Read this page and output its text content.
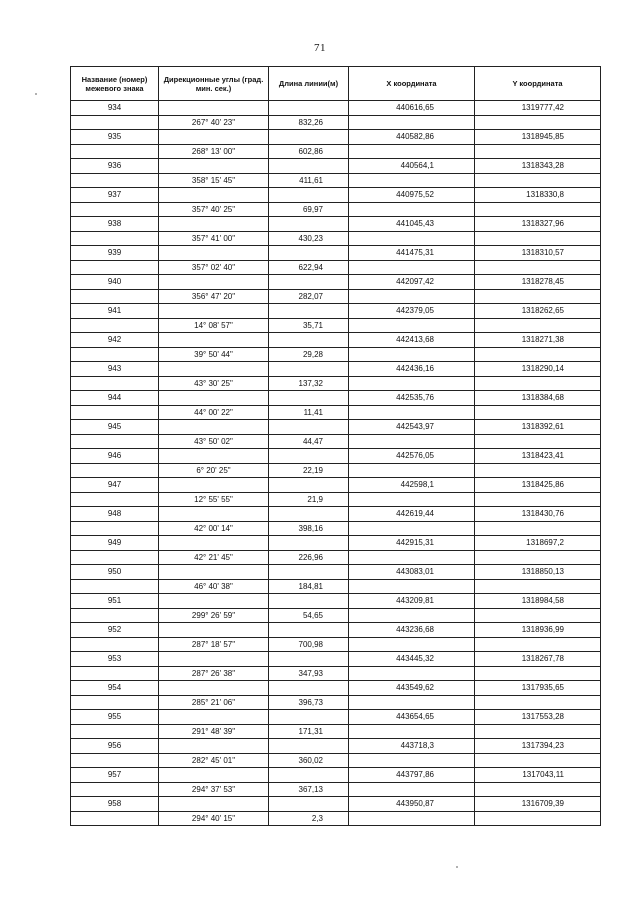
71
Название (номер) межевого знака	Дирекционные углы (град. мин. сек.)	Длина линии(м)	Х координата	Y координата
934			440616,65	1319777,42
	267° 40' 23"	832,26		
935			440582,86	1318945,85
	268° 13' 00"	602,86		
936			440564,1	1318343,28
	358° 15' 45"	411,61		
937			440975,52	1318330,8
	357° 40' 25"	69,97		
938			441045,43	1318327,96
	357° 41' 00"	430,23		
939			441475,31	1318310,57
	357° 02' 40"	622,94		
940			442097,42	1318278,45
	356° 47' 20"	282,07		
941			442379,05	1318262,65
	14° 08' 57"	35,71		
942			442413,68	1318271,38
	39° 50' 44"	29,28		
943			442436,16	1318290,14
	43° 30' 25"	137,32		
944			442535,76	1318384,68
	44° 00' 22"	11,41		
945			442543,97	1318392,61
	43° 50' 02"	44,47		
946			442576,05	1318423,41
	6° 20' 25"	22,19		
947			442598,1	1318425,86
	12° 55' 55"	21,9		
948			442619,44	1318430,76
	42° 00' 14"	398,16		
949			442915,31	1318697,2
	42° 21' 45"	226,96		
950			443083,01	1318850,13
	46° 40' 38"	184,81		
951			443209,81	1318984,58
	299° 26' 59"	54,65		
952			443236,68	1318936,99
	287° 18' 57"	700,98		
953			443445,32	1318267,78
	287° 26' 38"	347,93		
954			443549,62	1317935,65
	285° 21' 06"	396,73		
955			443654,65	1317553,28
	291° 48' 39"	171,31		
956			443718,3	1317394,23
	282° 45' 01"	360,02		
957			443797,86	1317043,11
	294° 37' 53"	367,13		
958			443950,87	1316709,39
	294° 40' 15"	2,3		
